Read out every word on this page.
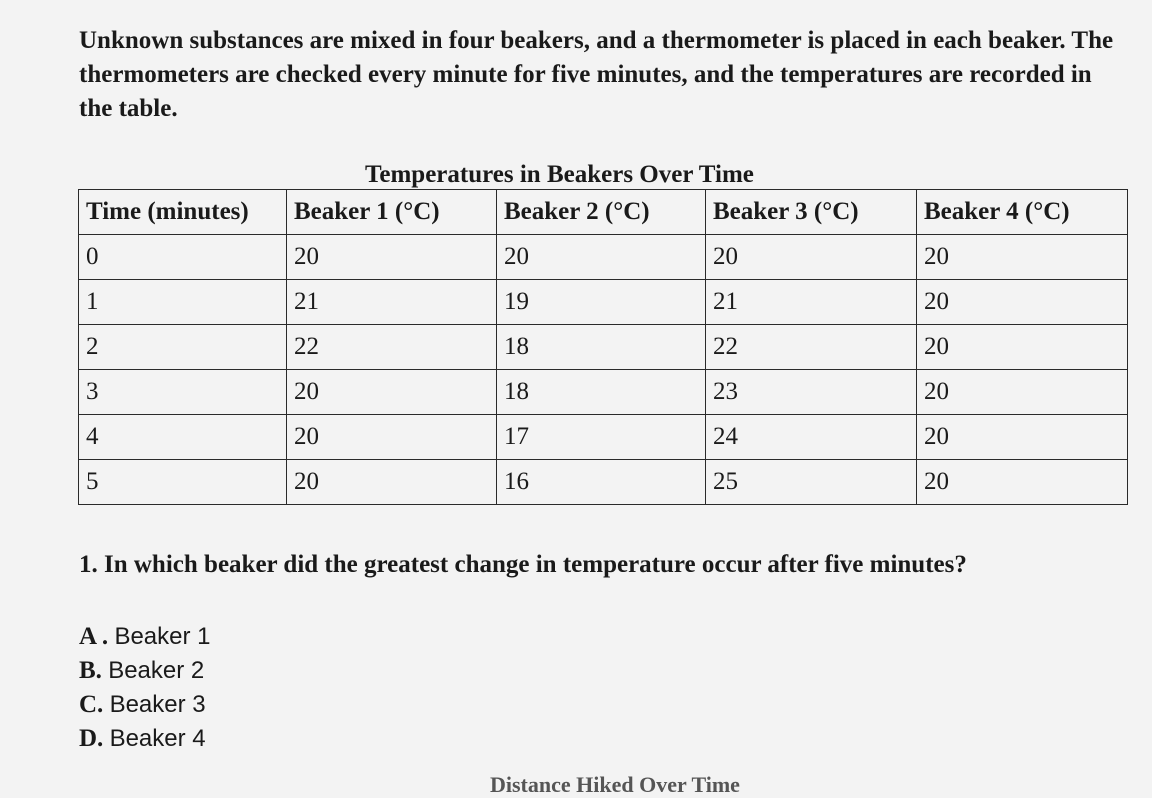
Unknown substances are mixed in four beakers, and a thermometer is placed in each beaker. The thermometers are checked every minute for five minutes, and the temperatures are recorded in the table.

Temperatures in Beakers Over Time

Time (minutes)	Beaker 1 (°C)	Beaker 2 (°C)	Beaker 3 (°C)	Beaker 4 (°C)
0	20	20	20	20
1	21	19	21	20
2	22	18	22	20
3	20	18	23	20
4	20	17	24	20
5	20	16	25	20

1. In which beaker did the greatest change in temperature occur after five minutes?

A . Beaker 1
B. Beaker 2
C. Beaker 3
D. Beaker 4
Distance Hiked Over Time
